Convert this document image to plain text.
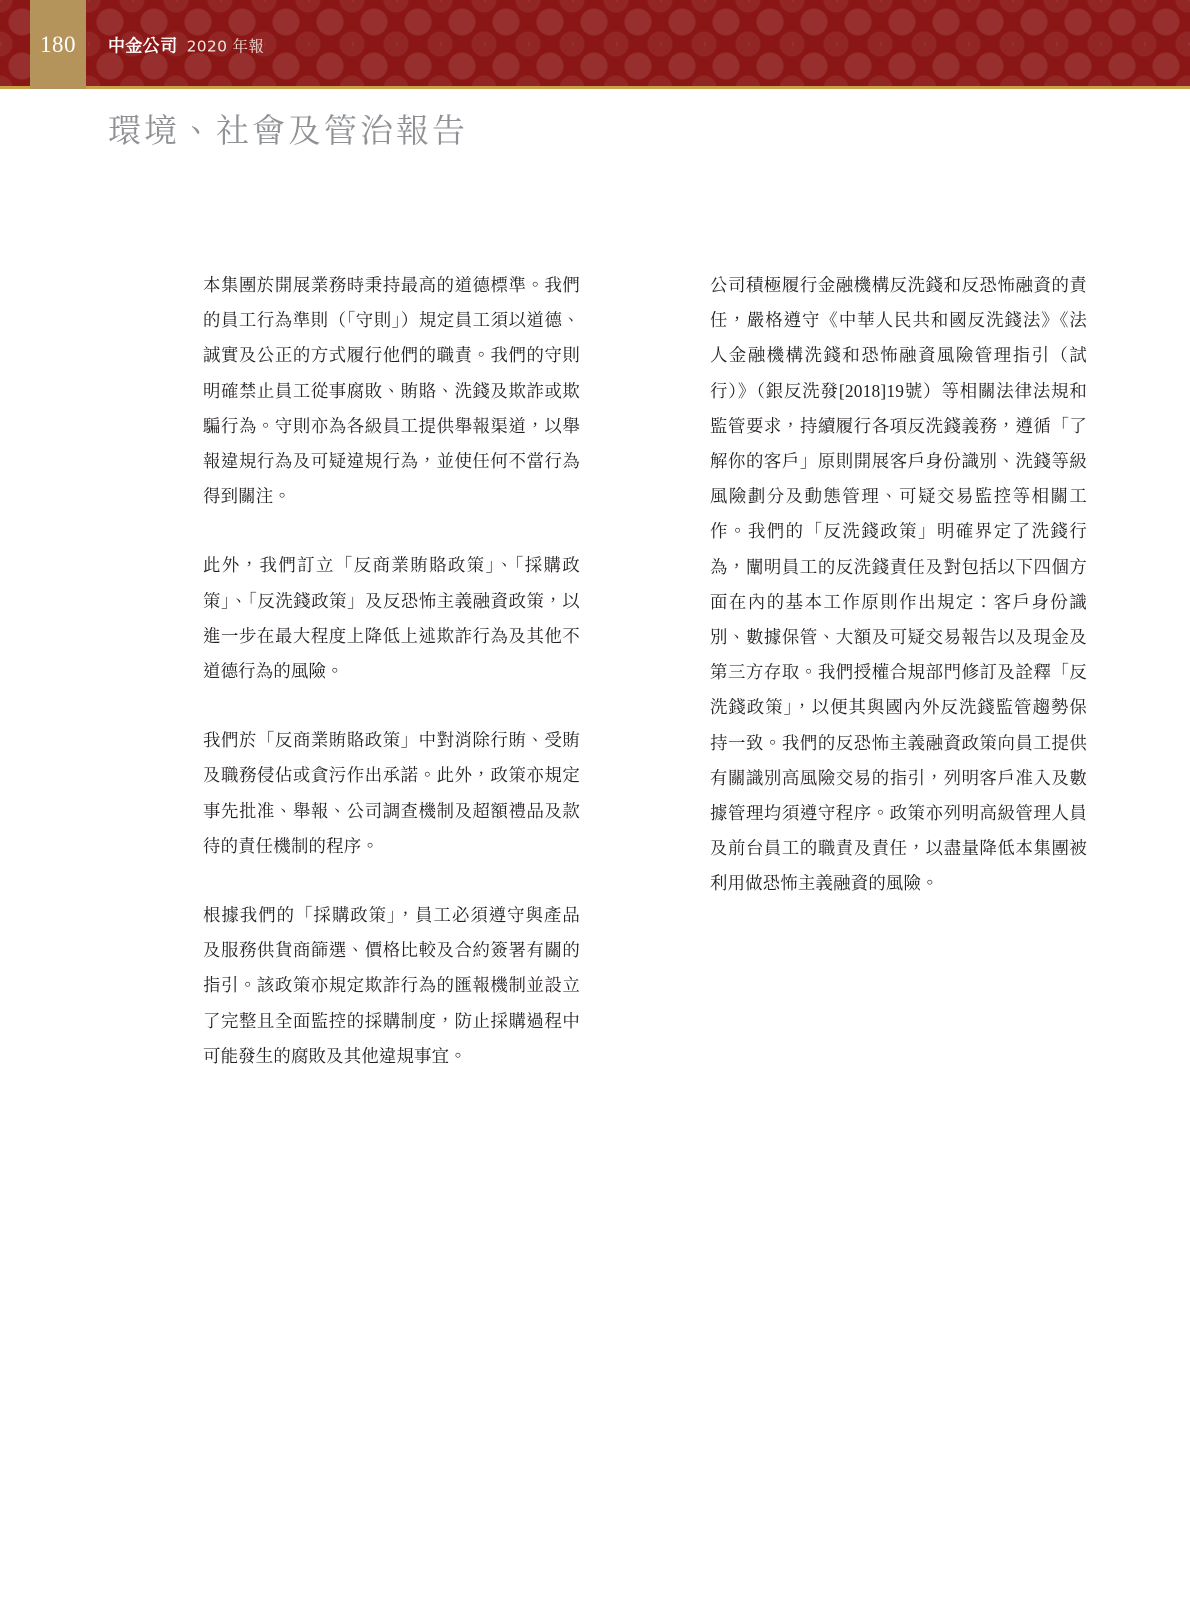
中金公司 2020 年報
180
環境、社會及管治報告

本集團於開展業務時秉持最高的道德標準。我們的員工行為準則（「守則」）規定員工須以道德、誠實及公正的方式履行他們的職責。我們的守則明確禁止員工從事腐敗、賄賂、洗錢及欺詐或欺騙行為。守則亦為各級員工提供舉報渠道，以舉報違規行為及可疑違規行為，並使任何不當行為得到關注。

此外，我們訂立「反商業賄賂政策」、「採購政策」、「反洗錢政策」及反恐怖主義融資政策，以進一步在最大程度上降低上述欺詐行為及其他不道德行為的風險。

我們於「反商業賄賂政策」中對消除行賄、受賄及職務侵佔或貪污作出承諾。此外，政策亦規定事先批准、舉報、公司調查機制及超額禮品及款待的責任機制的程序。

根據我們的「採購政策」，員工必須遵守與產品及服務供貨商篩選、價格比較及合約簽署有關的指引。該政策亦規定欺詐行為的匯報機制並設立了完整且全面監控的採購制度，防止採購過程中可能發生的腐敗及其他違規事宜。

公司積極履行金融機構反洗錢和反恐怖融資的責任，嚴格遵守《中華人民共和國反洗錢法》《法人金融機構洗錢和恐怖融資風險管理指引（試行）》（銀反洗發[2018]19號）等相關法律法規和監管要求，持續履行各項反洗錢義務，遵循「了解你的客戶」原則開展客戶身份識別、洗錢等級風險劃分及動態管理、可疑交易監控等相關工作。我們的「反洗錢政策」明確界定了洗錢行為，闡明員工的反洗錢責任及對包括以下四個方面在內的基本工作原則作出規定：客戶身份識別、數據保管、大額及可疑交易報告以及現金及第三方存取。我們授權合規部門修訂及詮釋「反洗錢政策」，以便其與國內外反洗錢監管趨勢保持一致。我們的反恐怖主義融資政策向員工提供有關識別高風險交易的指引，列明客戶准入及數據管理均須遵守程序。政策亦列明高級管理人員及前台員工的職責及責任，以盡量降低本集團被利用做恐怖主義融資的風險。
